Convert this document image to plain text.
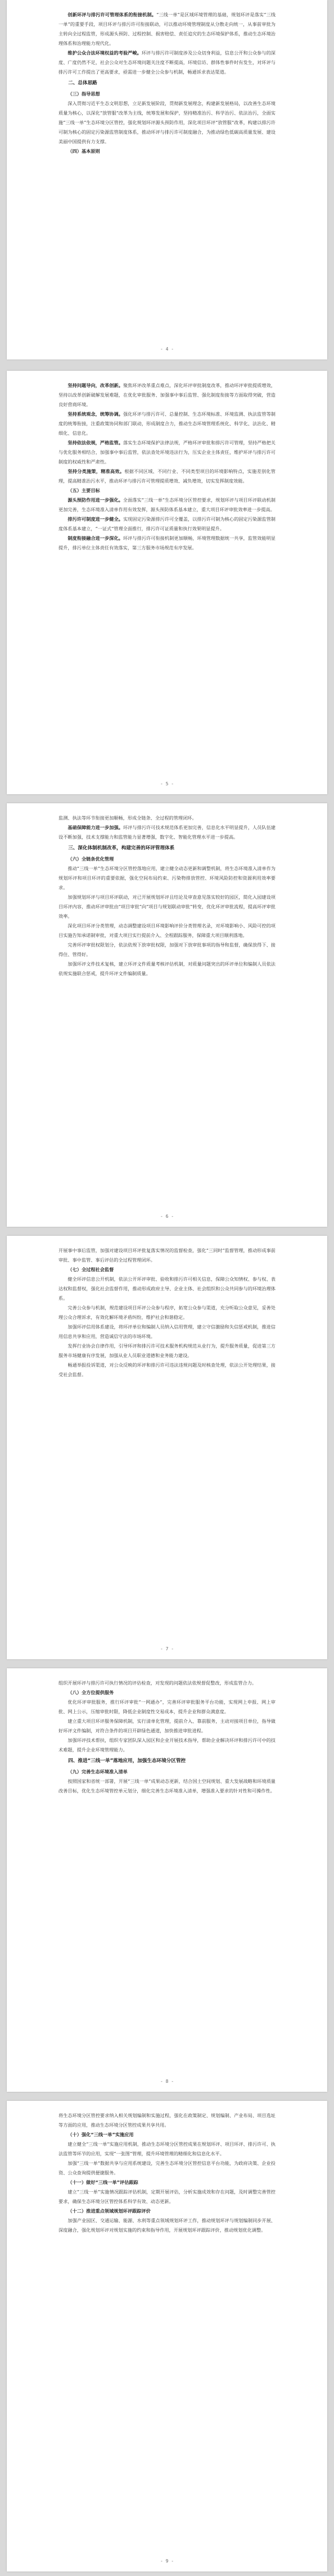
创新环评与排污许可管理体系的衔接机制。“三线一单”是区域环境管理的基础，规划环评是落实“三线一单”的重要手段，项目环评与排污许可衔接联动，可以推动环境管理制度从分散走向统一，从事前审批为主转向全过程监管，形成源头预防、过程控制、损害赔偿、责任追究的生态环境保护体系，推动生态环境治理体系和治理能力现代化。

维护公众合法环境权益的考验严峻。环评与排污许可制度涉及公众切身利益，信息公开和公众参与的深度、广度仍然不足，社会公众对生态环境问题关注度不断提高，环境信访、群体性事件时有发生，对环评与排污许可工作提出了更高要求，亟需进一步健全公众参与机制，畅通诉求表达渠道。

二、总体思路
（三）指导思想

深入贯彻习近平生态文明思想，立足新发展阶段，贯彻新发展理念，构建新发展格局，以改善生态环境质量为核心，以深化“放管服”改革为主线，统筹发展和保护，坚持精准治污、科学治污、依法治污，全面实施“三线一单”生态环境分区管控，强化规划环评源头预防作用，深化项目环评“放管服”改革，构建以排污许可制为核心的固定污染源监管制度体系，推动环评与排污许可制度融合，为推动绿色低碳高质量发展、建设美丽中国提供有力支撑。

（四）基本原则
- 4 -

坚持问题导向，改革创新。聚焦环评改革重点难点，深化环评审批制度改革，推动环评审批提质增效，坚持以改革创新破解发展难题，在优化审批服务、加强事中事后监管、强化制度衔接等方面取得突破，营造良好营商环境。

坚持系统观念，统筹协调。强化环评与排污许可、总量控制、生态环境标准、环境监测、执法监管等制度的统筹衔接，注重政策协同和部门联动，形成制度合力，推动生态环境管理系统化、科学化、法治化、精细化、信息化。

坚持依法依规，严格监管。落实生态环境保护法律法规，严格环评审批和排污许可管理，坚持严格把关与优化服务相结合，加强事中事后监管，依法查处环境违法行为，压实企业主体责任，维护环评与排污许可制度的权威性和严肃性。

坚持分类施策，精准高效。根据不同区域、不同行业、不同类型项目的环境影响特点，实施差别化管理，提高精准治污水平，推动环评与排污许可管理提质增效、减负增效，切实发挥制度效能。

（五）主要目标

源头预防作用进一步强化。全面落实“三线一单”生态环境分区管控要求，规划环评与项目环评联动机制更加完善，生态环境准入清单作用有效发挥，源头预防体系基本建立，重大项目环评审批效率进一步提高。

排污许可制度进一步健全。实现固定污染源排污许可全覆盖，以排污许可制为核心的固定污染源监管制度体系基本建立，“一证式”管理全面推行，排污许可证质量和执行效果明显提升。

制度衔接融合进一步深化。环评与排污许可衔接机制更加顺畅，环境管理数据统一共享，监管效能明显提升，排污单位主体责任有效落实，第三方服务市场规范有序发展。

- 5 -

监测、执法等环节衔接更加顺畅，形成全链条、全过程的管理闭环。

基础保障能力进一步加强。环评与排污许可技术规范体系更加完善，信息化水平明显提升，人员队伍建设不断加强，技术支撑能力和监管能力显著增强，数字化、智能化管理水平进一步提高。

三、深化体制机制改革，构建完善的环评管理体系
（六）全链条优化管理

推动“三线一单”生态环境分区管控落地应用，建立健全动态更新和调整机制，将生态环境准入清单作为规划环评和项目环评的重要依据，强化空间布局约束、污染物排放管控、环境风险防控和资源利用效率要求。

加强规划环评与项目环评联动，对已开展规划环评且结论及审查意见落实较好的园区，简化入园建设项目环评内容，推动环评审批由“项目审批”向“项目与规划联动审批”转变，优化环评审批流程，提高环评审批效率。

深化项目环评分类管理，动态调整建设项目环境影响评价分类管理名录，对环境影响小、风险可控的项目实施告知承诺制审批，对重大项目实行提前介入、全程跟踪服务，保障重大项目顺利落地。

完善环评审批权限划分，依法依规下放审批权限，加强对下放审批事项的指导和监督，确保放得下、接得住、管得好。

加强环评文件技术复核，建立环评文件质量考核评估机制，对质量问题突出的环评单位和编制人员依法依规实施联合惩戒，提升环评文件编制质量。

- 6 -

开展事中事后监管，加强对建设项目环评批复落实情况的监督检查，强化“三同时”监督管理，推动形成事前审批、事中监管、事后评估的全过程管理闭环。

（七）全过程社会监督

健全环评信息公开机制，依法公开环评审批、验收和排污许可相关信息，保障公众知情权、参与权、表达权和监督权，强化社会监督作用，推动形成政府主导、企业主体、社会组织和公众共同参与的环境治理体系。

完善公众参与机制，规范建设项目环评公众参与程序，拓宽公众参与渠道，充分听取公众意见，妥善处理公众合理诉求，有效化解环境矛盾纠纷，维护社会和谐稳定。

加强环评信用体系建设，将环评单位和编制人员纳入信用管理，建立守信激励和失信惩戒机制，推进信用信息共享和应用，营造诚信守法的市场环境。

发挥行业协会自律作用，引导环评和排污许可技术服务机构规范从业行为，提升服务质量，促进第三方服务市场健康有序发展，加强从业人员职业道德和业务能力建设。

畅通举报投诉渠道，对公众反映的环评和排污许可违法违规问题及时核查处理，依法公开处理结果，接受社会监督。

- 7 -

组织开展环评与排污许可执行情况的评估检查，对发现的问题依法依规督促整改，形成监管合力。

（八）全方位提供服务

优化环评审批服务，推行环评审批“一网通办”，完善环评审批服务平台功能，实现网上申报、网上审批、网上公示，压缩审批时限，降低企业制度性交易成本，提升企业和群众满意度。

建立重大项目环评服务保障机制，实行清单化管理，提前介入、靠前服务，主动对接项目单位，指导做好环评文件编制，对符合条件的项目开辟绿色通道，加快推进审批进程。

加强环评技术帮扶，组织专家团队深入园区和企业开展技术指导，帮助企业解决环评和排污许可中的技术难题，提升企业环境管理能力。

四、推进“三线一单”落地应用，加强生态环境分区管控
（九）完善生态环境准入清单

按照国家和省统一部署，开展“三线一单”成果动态更新，结合国土空间规划、重大发展战略和环境质量改善目标，优化生态环境管控单元划分，细化完善生态环境准入清单，增强准入要求的针对性和可操作性。

- 8 -

将生态环境分区管控要求纳入相关规划编制和实施过程，强化在政策制定、规划编制、产业布局、项目选址等方面的应用，推动生态环境分区管控成果共享共用。

（十）强化“三线一单”实施应用

建立健全“三线一单”实施应用机制，推动生态环境分区管控成果在规划环评、项目环评、排污许可、执法监管等环节的应用，实现“一张图”管理，提升环境管理的精细化和信息化水平。

加强“三线一单”数据共享与应用系统建设，完善生态环境分区管控信息平台功能，为政府决策、企业投资、公众查询提供便捷服务。

（十一）做好“三线一单”评估跟踪

建立“三线一单”实施情况跟踪评估机制，定期开展评估，分析实施成效和存在问题，及时调整完善管控要求，确保生态环境分区管控体系科学有效、动态更新。

（十二）推进重点领域规划环评跟踪评价

加强产业园区、交通运输、能源、水利等重点领域规划环评工作，推动规划环评与规划编制同步开展、深度融合，强化规划环评对规划实施的约束和指导作用，开展规划环评跟踪评价，推动规划优化调整。

- 9 -
